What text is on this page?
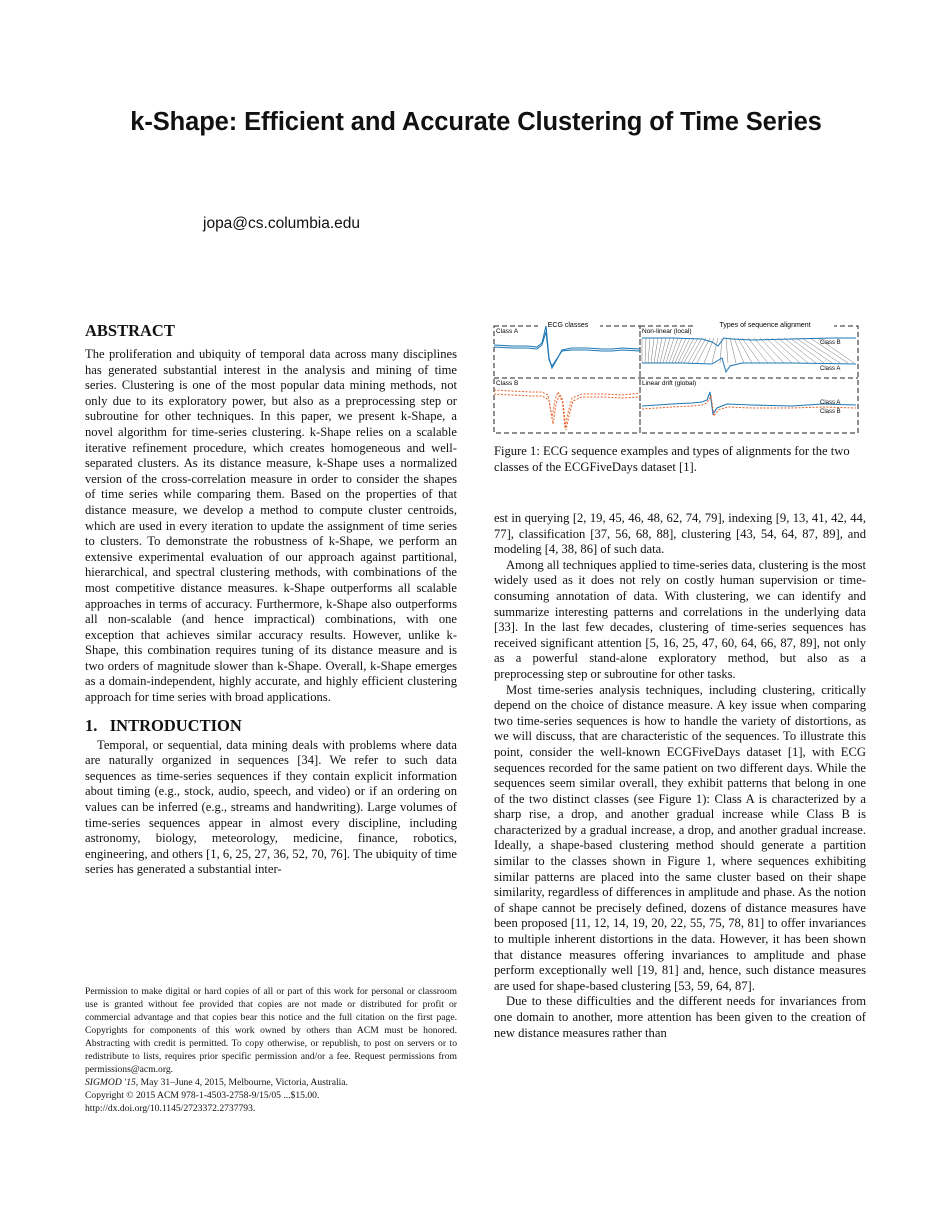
k-Shape: Efficient and Accurate Clustering of Time Series
jopa@cs.columbia.edu
ABSTRACT

The proliferation and ubiquity of temporal data across many disciplines has generated substantial interest in the analysis and mining of time series. Clustering is one of the most popular data mining methods, not only due to its exploratory power, but also as a preprocessing step or subroutine for other techniques. In this paper, we present k-Shape, a novel algorithm for time-series clustering. k-Shape relies on a scalable iterative refinement procedure, which creates homogeneous and well-separated clusters. As its distance measure, k-Shape uses a normalized version of the cross-correlation measure in order to consider the shapes of time series while comparing them. Based on the properties of that distance measure, we develop a method to compute cluster centroids, which are used in every iteration to update the assignment of time series to clusters. To demonstrate the robustness of k-Shape, we perform an extensive experimental evaluation of our approach against partitional, hierarchical, and spectral clustering methods, with combinations of the most competitive distance measures. k-Shape outperforms all scalable approaches in terms of accuracy. Furthermore, k-Shape also outperforms all non-scalable (and hence impractical) combinations, with one exception that achieves similar accuracy results. However, unlike k-Shape, this combination requires tuning of its distance measure and is two orders of magnitude slower than k-Shape. Overall, k-Shape emerges as a domain-independent, highly accurate, and highly efficient clustering approach for time series with broad applications.

1.   INTRODUCTION

Temporal, or sequential, data mining deals with problems where data are naturally organized in sequences [34]. We refer to such data sequences as time-series sequences if they contain explicit information about timing (e.g., stock, audio, speech, and video) or if an ordering on values can be inferred (e.g., streams and handwriting). Large volumes of time-series sequences appear in almost every discipline, including astronomy, biology, meteorology, medicine, finance, robotics, engineering, and others [1, 6, 25, 27, 36, 52, 70, 76]. The ubiquity of time series has generated a substantial inter-

Permission to make digital or hard copies of all or part of this work for personal or classroom use is granted without fee provided that copies are not made or distributed for profit or commercial advantage and that copies bear this notice and the full citation on the first page. Copyrights for components of this work owned by others than ACM must be honored. Abstracting with credit is permitted. To copy otherwise, or republish, to post on servers or to redistribute to lists, requires prior specific permission and/or a fee. Request permissions from permissions@acm.org.

SIGMOD '15, May 31–June 4, 2015, Melbourne, Victoria, Australia.

Copyright © 2015 ACM 978-1-4503-2758-9/15/05 ...$15.00.

http://dx.doi.org/10.1145/2723372.2737793.

ECG classes	Types of sequence alignment
Class A
Class B
Non-linear (local)
Class B
Class A
Linear drift (global)
Class A
Class B
Figure 1: ECG sequence examples and types of alignments for the two classes of the ECGFiveDays dataset [1].

est in querying [2, 19, 45, 46, 48, 62, 74, 79], indexing [9, 13, 41, 42, 44, 77], classification [37, 56, 68, 88], clustering [43, 54, 64, 87, 89], and modeling [4, 38, 86] of such data.

Among all techniques applied to time-series data, clustering is the most widely used as it does not rely on costly human supervision or time-consuming annotation of data. With clustering, we can identify and summarize interesting patterns and correlations in the underlying data [33]. In the last few decades, clustering of time-series sequences has received significant attention [5, 16, 25, 47, 60, 64, 66, 87, 89], not only as a powerful stand-alone exploratory method, but also as a preprocessing step or subroutine for other tasks.

Most time-series analysis techniques, including clustering, critically depend on the choice of distance measure. A key issue when comparing two time-series sequences is how to handle the variety of distortions, as we will discuss, that are characteristic of the sequences. To illustrate this point, consider the well-known ECGFiveDays dataset [1], with ECG sequences recorded for the same patient on two different days. While the sequences seem similar overall, they exhibit patterns that belong in one of the two distinct classes (see Figure 1): Class A is characterized by a sharp rise, a drop, and another gradual increase while Class B is characterized by a gradual increase, a drop, and another gradual increase. Ideally, a shape-based clustering method should generate a partition similar to the classes shown in Figure 1, where sequences exhibiting similar patterns are placed into the same cluster based on their shape similarity, regardless of differences in amplitude and phase. As the notion of shape cannot be precisely defined, dozens of distance measures have been proposed [11, 12, 14, 19, 20, 22, 55, 75, 78, 81] to offer invariances to multiple inherent distortions in the data. However, it has been shown that distance measures offering invariances to amplitude and phase perform exceptionally well [19, 81] and, hence, such distance measures are used for shape-based clustering [53, 59, 64, 87].

Due to these difficulties and the different needs for invariances from one domain to another, more attention has been given to the creation of new distance measures rather than
